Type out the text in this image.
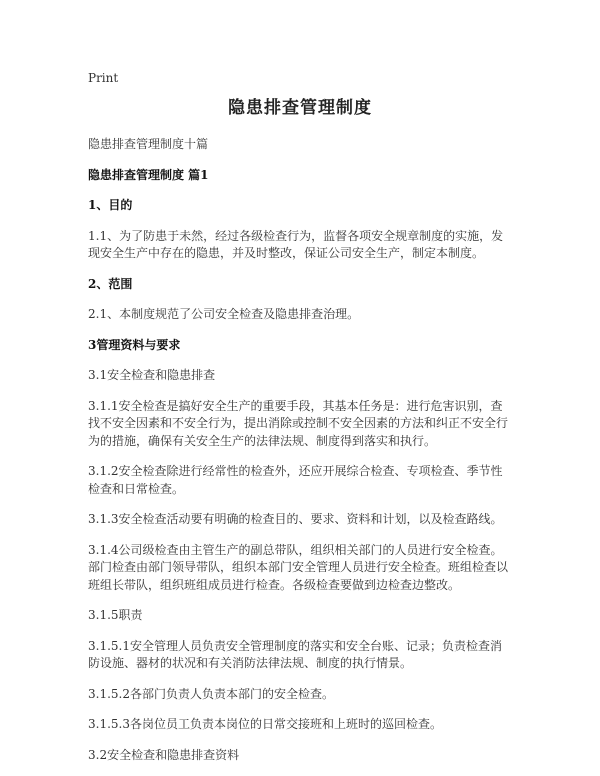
Print
隐患排查管理制度
隐患排查管理制度十篇
隐患排查管理制度 篇1
1、目的
1.1、为了防患于未然，经过各级检查行为，监督各项安全规章制度的实施，发现安全生产中存在的隐患，并及时整改，保证公司安全生产，制定本制度。
2、范围
2.1、本制度规范了公司安全检查及隐患排查治理。
3管理资料与要求
3.1安全检查和隐患排查
3.1.1安全检查是搞好安全生产的重要手段，其基本任务是：进行危害识别，查找不安全因素和不安全行为，提出消除或控制不安全因素的方法和纠正不安全行为的措施，确保有关安全生产的法律法规、制度得到落实和执行。
3.1.2安全检查除进行经常性的检查外，还应开展综合检查、专项检查、季节性检查和日常检查。
3.1.3安全检查活动要有明确的检查目的、要求、资料和计划，以及检查路线。
3.1.4公司级检查由主管生产的副总带队，组织相关部门的人员进行安全检查。部门检查由部门领导带队，组织本部门安全管理人员进行安全检查。班组检查以班组长带队，组织班组成员进行检查。各级检查要做到边检查边整改。
3.1.5职责
3.1.5.1安全管理人员负责安全管理制度的落实和安全台账、记录；负责检查消防设施、器材的状况和有关消防法律法规、制度的执行情景。
3.1.5.2各部门负责人负责本部门的安全检查。
3.1.5.3各岗位员工负责本岗位的日常交接班和上班时的巡回检查。
3.2安全检查和隐患排查资料
